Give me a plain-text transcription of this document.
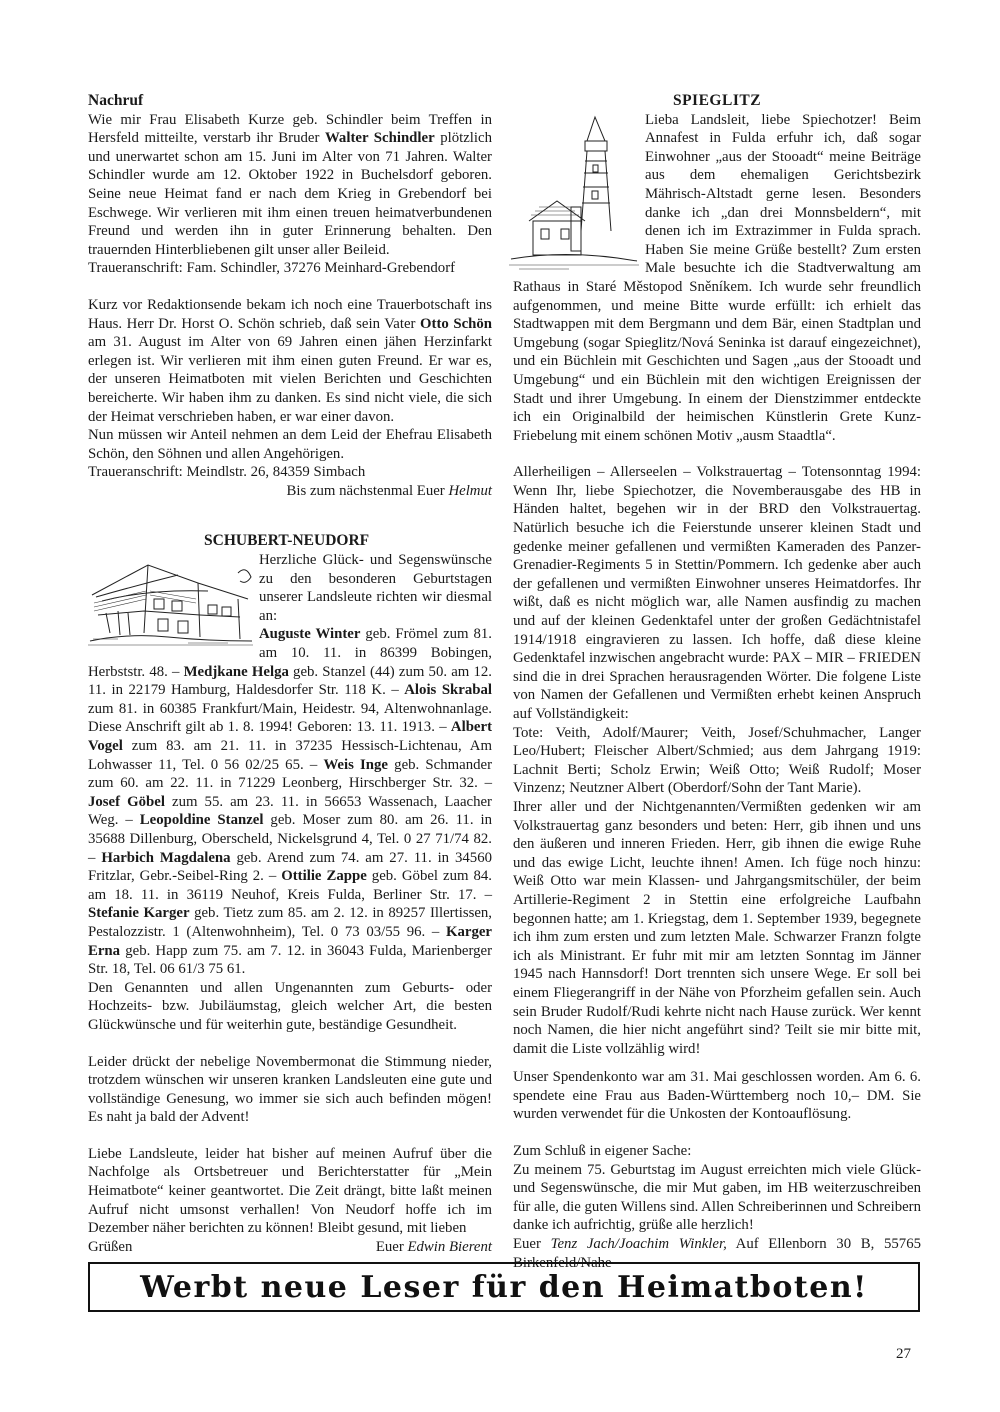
Nachruf

Wie mir Frau Elisabeth Kurze geb. Schindler beim Treffen in Hersfeld mitteilte, verstarb ihr Bruder Walter Schindler plötzlich und unerwartet schon am 15. Juni im Alter von 71 Jahren. Walter Schindler wurde am 12. Oktober 1922 in Buchelsdorf geboren. Seine neue Heimat fand er nach dem Krieg in Grebendorf bei Eschwege. Wir verlieren mit ihm einen treuen heimatverbundenen Freund und werden ihn in guter Erinnerung behalten. Den trauernden Hinterbliebenen gilt unser aller Beileid.

Traueranschrift: Fam. Schindler, 37276 Meinhard-Grebendorf

Kurz vor Redaktionsende bekam ich noch eine Trauerbotschaft ins Haus. Herr Dr. Horst O. Schön schrieb, daß sein Vater Otto Schön am 31. August im Alter von 69 Jahren einen jähen Herzinfarkt erlegen ist. Wir verlieren mit ihm einen guten Freund. Er war es, der unseren Heimatboten mit vielen Berichten und Geschichten bereicherte. Wir haben ihm zu danken. Es sind nicht viele, die sich der Heimat verschrieben haben, er war einer davon.

Nun müssen wir Anteil nehmen an dem Leid der Ehefrau Elisabeth Schön, den Söhnen und allen Angehörigen.

Traueranschrift: Meindlstr. 26, 84359 Simbach

Bis zum nächstenmal Euer Helmut

SCHUBERT-NEUDORF

Herzliche Glück- und Segenswünsche zu den besonderen Geburtstagen unserer Landsleute richten wir diesmal an:

Auguste Winter geb. Frömel zum 81. am 10. 11. in 86399 Bobingen, Herbststr. 48. – Medjkane Helga geb. Stanzel (44) zum 50. am 12. 11. in 22179 Hamburg, Haldesdorfer Str. 118 K. – Alois Skrabal zum 81. in 60385 Frankfurt/Main, Heidestr. 94, Altenwohnanlage. Diese Anschrift gilt ab 1. 8. 1994! Geboren: 13. 11. 1913. – Albert Vogel zum 83. am 21. 11. in 37235 Hessisch-Lichtenau, Am Lohwasser 11, Tel. 0 56 02/25 65. – Weis Inge geb. Schmander zum 60. am 22. 11. in 71229 Leonberg, Hirschberger Str. 32. – Josef Göbel zum 55. am 23. 11. in 56653 Wassenach, Laacher Weg. – Leopoldine Stanzel geb. Moser zum 80. am 26. 11. in 35688 Dillenburg, Oberscheld, Nickelsgrund 4, Tel. 0 27 71/74 82. – Harbich Magdalena geb. Arend zum 74. am 27. 11. in 34560 Fritzlar, Gebr.-Seibel-Ring 2. – Ottilie Zappe geb. Göbel zum 84. am 18. 11. in 36119 Neuhof, Kreis Fulda, Berliner Str. 17. – Stefanie Karger geb. Tietz zum 85. am 2. 12. in 89257 Illertissen, Pestalozzistr. 1 (Altenwohnheim), Tel. 0 73 03/55 96. – Karger Erna geb. Happ zum 75. am 7. 12. in 36043 Fulda, Marienberger Str. 18, Tel. 06 61/3 75 61.

Den Genannten und allen Ungenannten zum Geburts- oder Hochzeits- bzw. Jubiläumstag, gleich welcher Art, die besten Glückwünsche und für weiterhin gute, beständige Gesundheit.

Leider drückt der nebelige Novembermonat die Stimmung nieder, trotzdem wünschen wir unseren kranken Landsleuten eine gute und vollständige Genesung, wo immer sie sich auch befinden mögen! Es naht ja bald der Advent!

Liebe Landsleute, leider hat bisher auf meinen Aufruf über die Nachfolge als Ortsbetreuer und Berichterstatter für „Mein Heimatbote“ keiner geantwortet. Die Zeit drängt, bitte laßt meinen Aufruf nicht umsonst verhallen! Von Neudorf hoffe ich im Dezember näher berichten zu können! Bleibt gesund, mit lieben

Grüßen	Euer Edwin Bierent

SPIEGLITZ

Lieba Landsleit, liebe Spiechotzer! Beim Annafest in Fulda erfuhr ich, daß sogar Einwohner „aus der Stooadt“ meine Beiträge aus dem ehemaligen Gerichtsbezirk Mährisch-Altstadt gerne lesen. Besonders danke ich „dan drei Monnsbeldern“, mit denen ich im Extrazimmer in Fulda sprach. Haben Sie meine Grüße bestellt? Zum ersten Male besuchte ich die Stadtverwaltung am Rathaus in Staré Městopod Sněníkem. Ich wurde sehr freundlich aufgenommen, und meine Bitte wurde erfüllt: ich erhielt das Stadtwappen mit dem Bergmann und dem Bär, einen Stadtplan und Umgebung (sogar Spieglitz/Nová Seninka ist darauf eingezeichnet), und ein Büchlein mit Geschichten und Sagen „aus der Stooadt und Umgebung“ und ein Büchlein mit den wichtigen Ereignissen der Stadt und ihrer Umgebung. In einem der Dienstzimmer entdeckte ich ein Originalbild der heimischen Künstlerin Grete Kunz-Friebelung mit einem schönen Motiv „ausm Staadtla“.

Allerheiligen – Allerseelen – Volkstrauertag – Totensonntag 1994: Wenn Ihr, liebe Spiechotzer, die Novemberausgabe des HB in Händen haltet, begehen wir in der BRD den Volkstrauertag. Natürlich besuche ich die Feierstunde unserer kleinen Stadt und gedenke meiner gefallenen und vermißten Kameraden des Panzer-Grenadier-Regiments 5 in Stettin/Pommern. Ich gedenke aber auch der gefallenen und vermißten Einwohner unseres Heimatdorfes. Ihr wißt, daß es nicht möglich war, alle Namen ausfindig zu machen und auf der kleinen Gedenktafel unter der großen Gedächtnistafel 1914/1918 eingravieren zu lassen. Ich hoffe, daß diese kleine Gedenktafel inzwischen angebracht wurde: PAX – MIR – FRIEDEN sind die in drei Sprachen herausragenden Wörter. Die folgene Liste von Namen der Gefallenen und Vermißten erhebt keinen Anspruch auf Vollständigkeit:

Tote: Veith, Adolf/Maurer; Veith, Josef/Schuhmacher, Langer Leo/Hubert; Fleischer Albert/Schmied; aus dem Jahrgang 1919: Lachnit Berti; Scholz Erwin; Weiß Otto; Weiß Rudolf; Moser Vinzenz; Neutzner Albert (Oberdorf/Sohn der Tant Marie).

Ihrer aller und der Nichtgenannten/Vermißten gedenken wir am Volkstrauertag ganz besonders und beten: Herr, gib ihnen und uns den äußeren und inneren Frieden. Herr, gib ihnen die ewige Ruhe und das ewige Licht, leuchte ihnen! Amen. Ich füge noch hinzu: Weiß Otto war mein Klassen- und Jahrgangsmitschüler, der beim Artillerie-Regiment 2 in Stettin eine erfolgreiche Laufbahn begonnen hatte; am 1. Kriegstag, dem 1. September 1939, begegnete ich ihm zum ersten und zum letzten Male. Schwarzer Franzn folgte ich als Ministrant. Er fuhr mit mir am letzten Sonntag im Jänner 1945 nach Hannsdorf! Dort trennten sich unsere Wege. Er soll bei einem Fliegerangriff in der Nähe von Pforzheim gefallen sein. Auch sein Bruder Rudolf/Rudi kehrte nicht nach Hause zurück. Wer kennt noch Namen, die hier nicht angeführt sind? Teilt sie mir bitte mit, damit die Liste vollzählig wird!

Unser Spendenkonto war am 31. Mai geschlossen worden. Am 6. 6. spendete eine Frau aus Baden-Württemberg noch 10,– DM. Sie wurden verwendet für die Unkosten der Kontoauflösung.

Zum Schluß in eigener Sache:

Zu meinem 75. Geburtstag im August erreichten mich viele Glück- und Segenswünsche, die mir Mut gaben, im HB weiterzuschreiben für alle, die guten Willens sind. Allen Schreiberinnen und Schreibern danke ich aufrichtig, grüße alle herzlich!

Euer Tenz Jach/Joachim Winkler, Auf Ellenborn 30 B, 55765 Birkenfeld/Nahe

Werbt neue Leser für den Heimatboten!
27
